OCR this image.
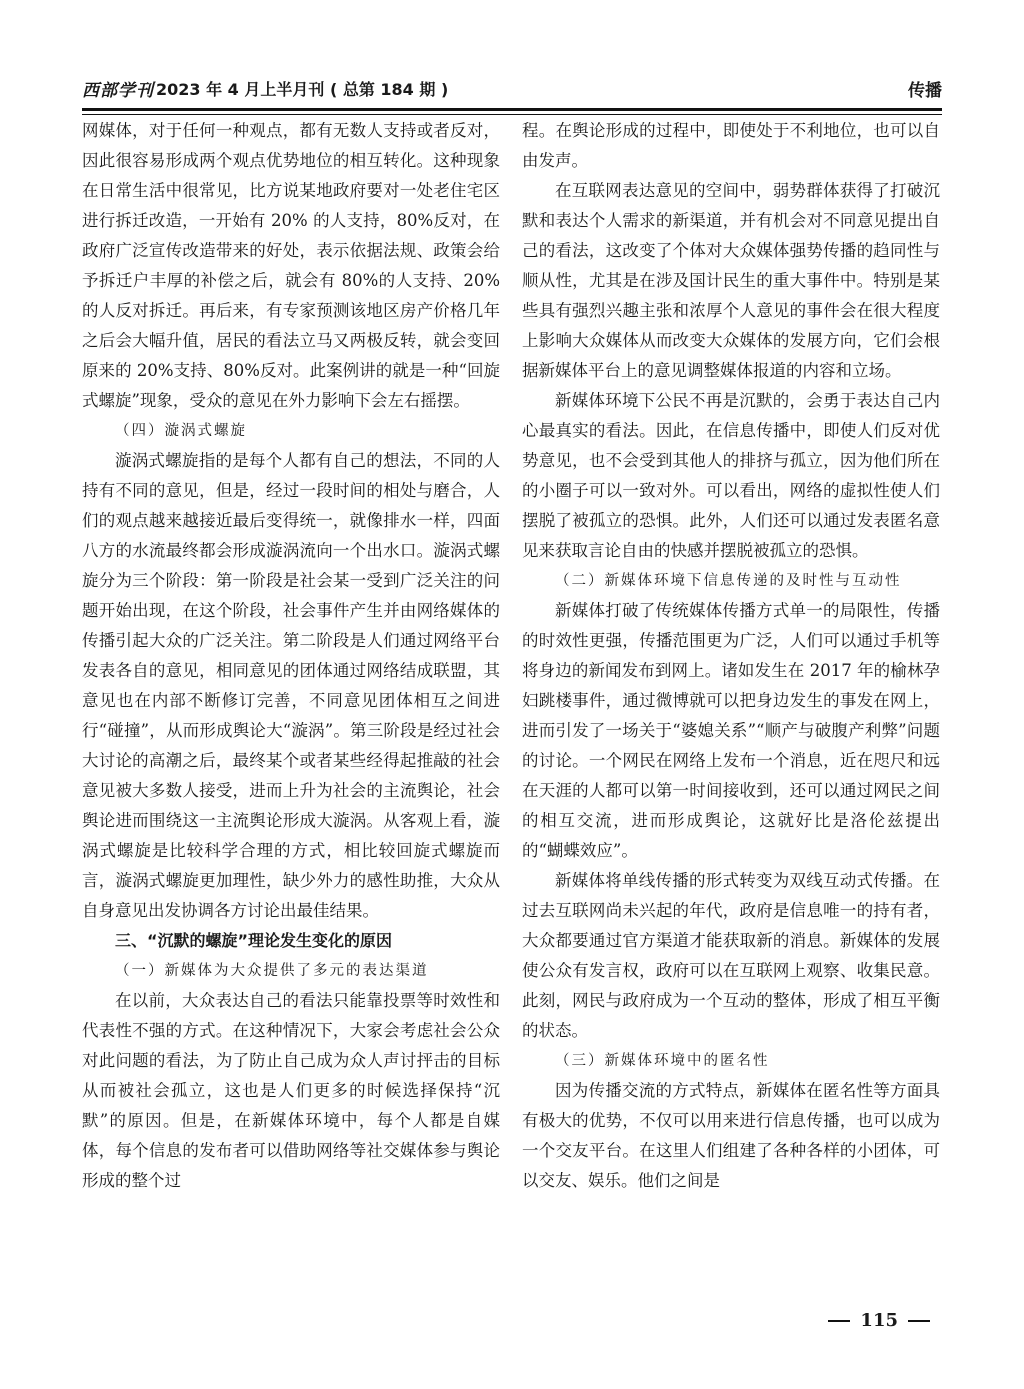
西部学刊 2023 年 4 月上半月刊 ( 总第 184 期 )	传播

网媒体，对于任何一种观点，都有无数人支持或者反对，因此很容易形成两个观点优势地位的相互转化。这种现象在日常生活中很常见，比方说某地政府要对一处老住宅区进行拆迁改造，一开始有 20% 的人支持，80%反对，在政府广泛宣传改造带来的好处，表示依据法规、政策会给予拆迁户丰厚的补偿之后，就会有 80%的人支持、20%的人反对拆迁。再后来，有专家预测该地区房产价格几年之后会大幅升值，居民的看法立马又两极反转，就会变回原来的 20%支持、80%反对。此案例讲的就是一种“回旋式螺旋”现象，受众的意见在外力影响下会左右摇摆。

（四）漩涡式螺旋

漩涡式螺旋指的是每个人都有自己的想法，不同的人持有不同的意见，但是，经过一段时间的相处与磨合，人们的观点越来越接近最后变得统一，就像排水一样，四面八方的水流最终都会形成漩涡流向一个出水口。漩涡式螺旋分为三个阶段：第一阶段是社会某一受到广泛关注的问题开始出现，在这个阶段，社会事件产生并由网络媒体的传播引起大众的广泛关注。第二阶段是人们通过网络平台发表各自的意见，相同意见的团体通过网络结成联盟，其意见也在内部不断修订完善，不同意见团体相互之间进行“碰撞”，从而形成舆论大“漩涡”。第三阶段是经过社会大讨论的高潮之后，最终某个或者某些经得起推敲的社会意见被大多数人接受，进而上升为社会的主流舆论，社会舆论进而围绕这一主流舆论形成大漩涡。从客观上看，漩涡式螺旋是比较科学合理的方式，相比较回旋式螺旋而言，漩涡式螺旋更加理性，缺少外力的感性助推，大众从自身意见出发协调各方讨论出最佳结果。

三、“沉默的螺旋”理论发生变化的原因

（一）新媒体为大众提供了多元的表达渠道

在以前，大众表达自己的看法只能靠投票等时效性和代表性不强的方式。在这种情况下，大家会考虑社会公众对此问题的看法，为了防止自己成为众人声讨抨击的目标从而被社会孤立，这也是人们更多的时候选择保持“沉默”的原因。但是，在新媒体环境中，每个人都是自媒体，每个信息的发布者可以借助网络等社交媒体参与舆论形成的整个过

程。在舆论形成的过程中，即使处于不利地位，也可以自由发声。

在互联网表达意见的空间中，弱势群体获得了打破沉默和表达个人需求的新渠道，并有机会对不同意见提出自己的看法，这改变了个体对大众媒体强势传播的趋同性与顺从性，尤其是在涉及国计民生的重大事件中。特别是某些具有强烈兴趣主张和浓厚个人意见的事件会在很大程度上影响大众媒体从而改变大众媒体的发展方向，它们会根据新媒体平台上的意见调整媒体报道的内容和立场。

新媒体环境下公民不再是沉默的，会勇于表达自己内心最真实的看法。因此，在信息传播中，即使人们反对优势意见，也不会受到其他人的排挤与孤立，因为他们所在的小圈子可以一致对外。可以看出，网络的虚拟性使人们摆脱了被孤立的恐惧。此外，人们还可以通过发表匿名意见来获取言论自由的快感并摆脱被孤立的恐惧。

（二）新媒体环境下信息传递的及时性与互动性

新媒体打破了传统媒体传播方式单一的局限性，传播的时效性更强，传播范围更为广泛，人们可以通过手机等将身边的新闻发布到网上。诸如发生在 2017 年的榆林孕妇跳楼事件，通过微博就可以把身边发生的事发在网上，进而引发了一场关于“婆媳关系”“顺产与破腹产利弊”问题的讨论。一个网民在网络上发布一个消息，近在咫尺和远在天涯的人都可以第一时间接收到，还可以通过网民之间的相互交流，进而形成舆论，这就好比是洛伦兹提出的“蝴蝶效应”。

新媒体将单线传播的形式转变为双线互动式传播。在过去互联网尚未兴起的年代，政府是信息唯一的持有者，大众都要通过官方渠道才能获取新的消息。新媒体的发展使公众有发言权，政府可以在互联网上观察、收集民意。此刻，网民与政府成为一个互动的整体，形成了相互平衡的状态。

（三）新媒体环境中的匿名性

因为传播交流的方式特点，新媒体在匿名性等方面具有极大的优势，不仅可以用来进行信息传播，也可以成为一个交友平台。在这里人们组建了各种各样的小团体，可以交友、娱乐。他们之间是

115
